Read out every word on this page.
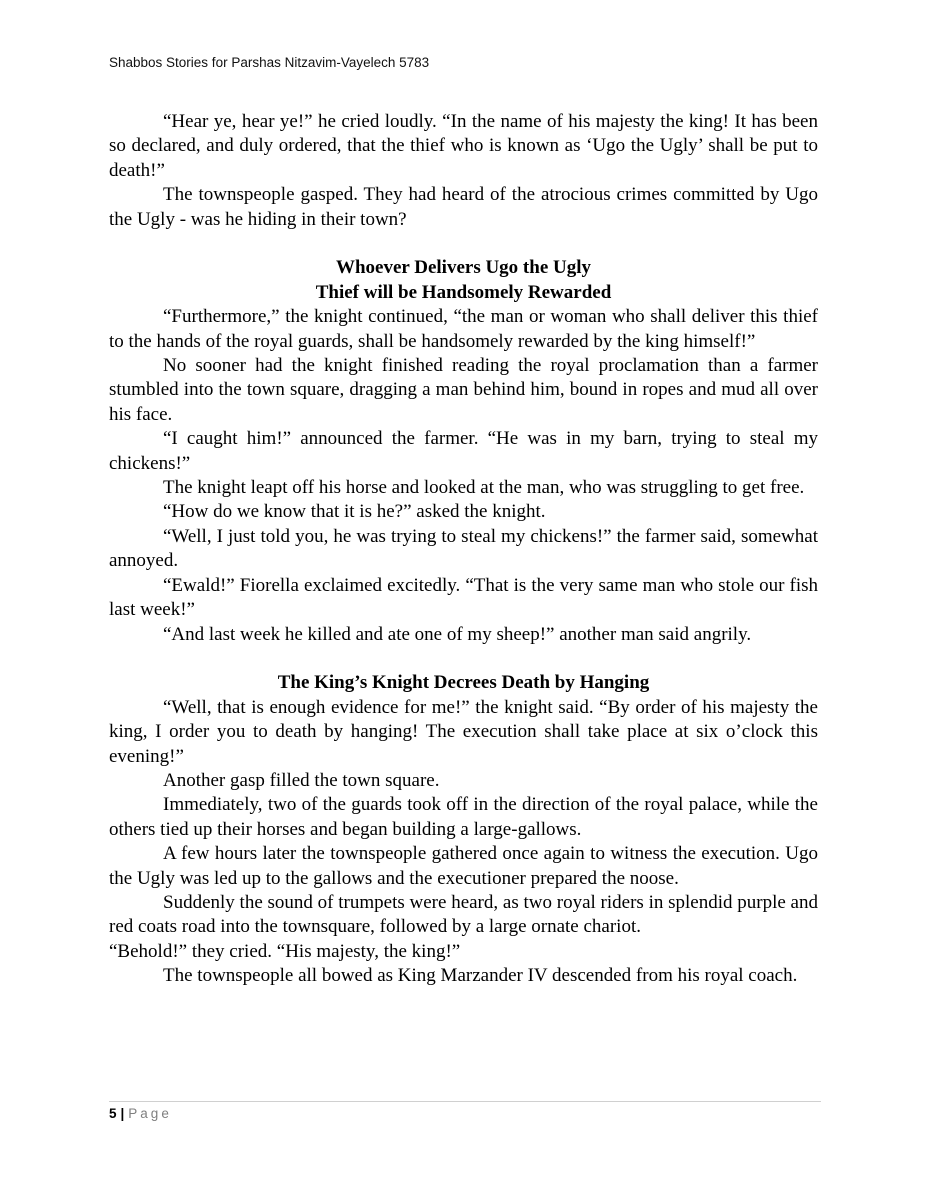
Shabbos Stories for Parshas Nitzavim-Vayelech 5783

“Hear ye, hear ye!” he cried loudly. “In the name of his majesty the king! It has been so declared, and duly ordered, that the thief who is known as ‘Ugo the Ugly’ shall be put to death!”

The townspeople gasped. They had heard of the atrocious crimes committed by Ugo the Ugly - was he hiding in their town?

Whoever Delivers Ugo the Ugly
Thief will be Handsomely Rewarded

“Furthermore,” the knight continued, “the man or woman who shall deliver this thief to the hands of the royal guards, shall be handsomely rewarded by the king himself!”

No sooner had the knight finished reading the royal proclamation than a farmer stumbled into the town square, dragging a man behind him, bound in ropes and mud all over his face.

“I caught him!” announced the farmer. “He was in my barn, trying to steal my chickens!”

The knight leapt off his horse and looked at the man, who was struggling to get free.

“How do we know that it is he?” asked the knight.

“Well, I just told you, he was trying to steal my chickens!” the farmer said, somewhat annoyed.

“Ewald!” Fiorella exclaimed excitedly. “That is the very same man who stole our fish last week!”

“And last week he killed and ate one of my sheep!” another man said angrily.

The King’s Knight Decrees Death by Hanging

“Well, that is enough evidence for me!” the knight said. “By order of his majesty the king, I order you to death by hanging! The execution shall take place at six o’clock this evening!”

Another gasp filled the town square.

Immediately, two of the guards took off in the direction of the royal palace, while the others tied up their horses and began building a large-gallows.

A few hours later the townspeople gathered once again to witness the execution. Ugo the Ugly was led up to the gallows and the executioner prepared the noose.

Suddenly the sound of trumpets were heard, as two royal riders in splendid purple and red coats road into the townsquare, followed by a large ornate chariot.

“Behold!” they cried. “His majesty, the king!”

The townspeople all bowed as King Marzander IV descended from his royal coach.

5 | Page
